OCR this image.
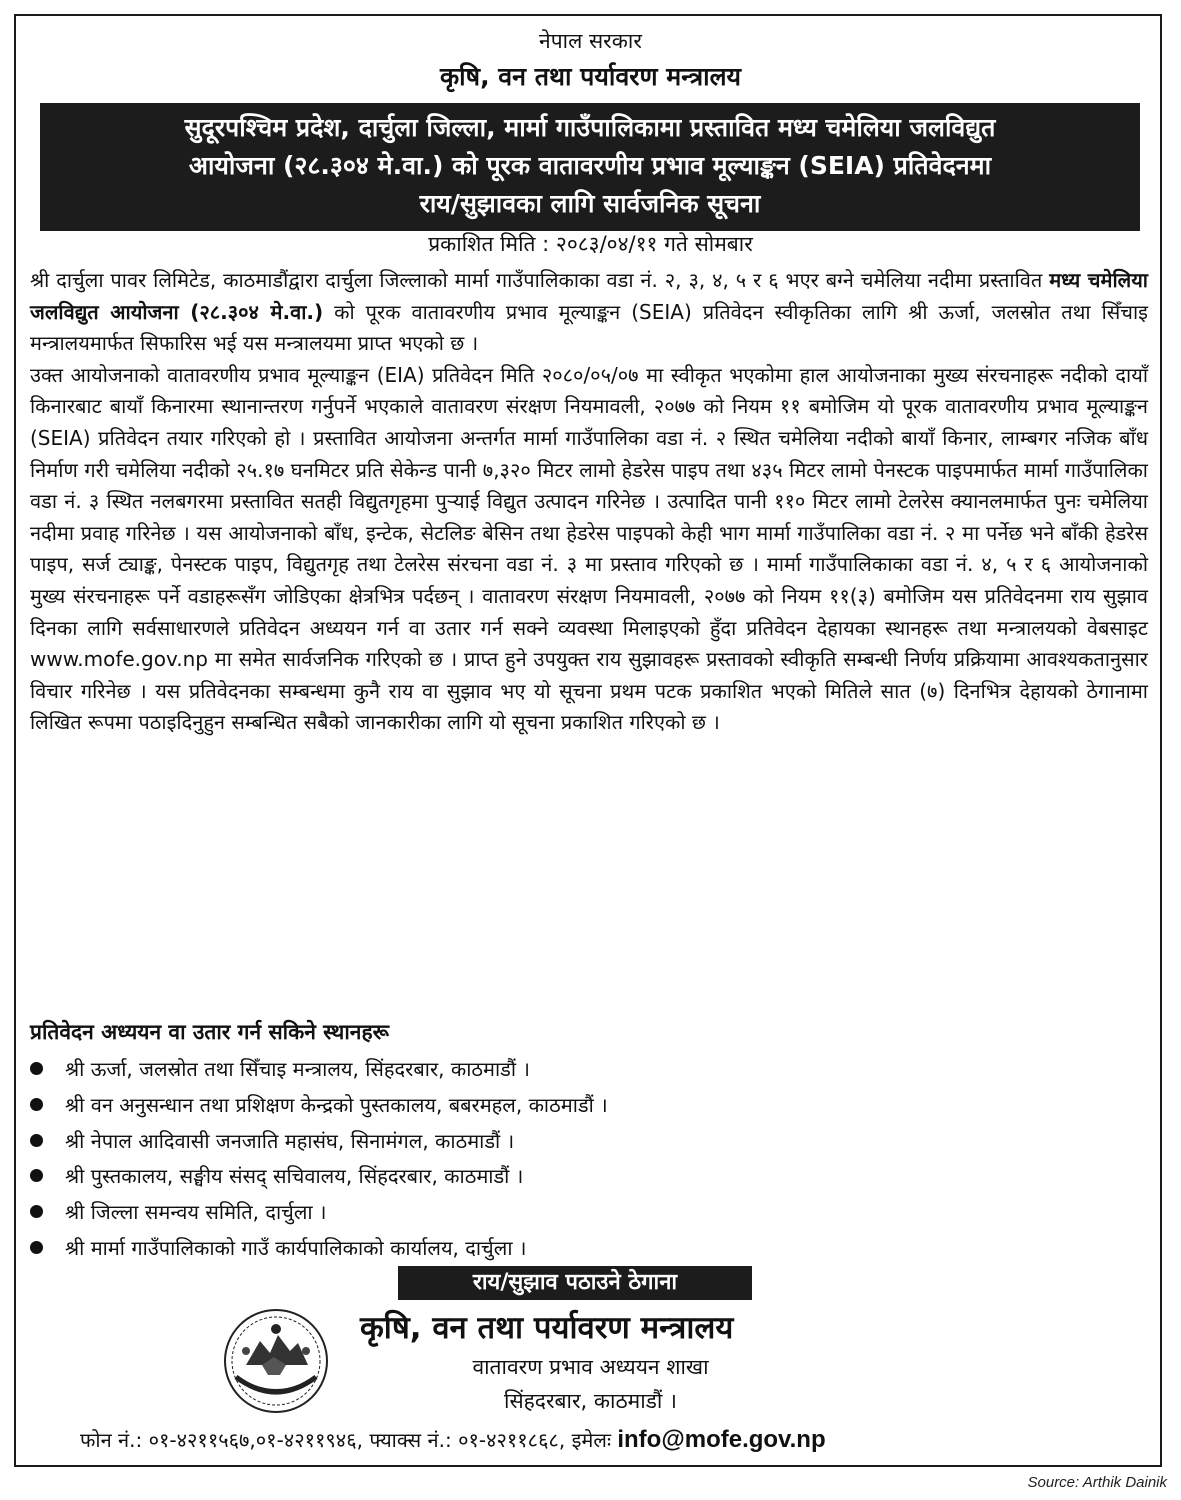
नेपाल सरकार
कृषि, वन तथा पर्यावरण मन्त्रालय
सुदूरपश्चिम प्रदेश, दार्चुला जिल्ला, मार्मा गाउँपालिकामा प्रस्तावित मध्य चमेलिया जलविद्युत
आयोजना (२८.३०४ मे.वा.) को पूरक वातावरणीय प्रभाव मूल्याङ्कन (SEIA) प्रतिवेदनमा
राय/सुझावका लागि सार्वजनिक सूचना
प्रकाशित मिति : २०८३/०४/११ गते सोमबार

श्री दार्चुला पावर लिमिटेड, काठमाडौंद्वारा दार्चुला जिल्लाको मार्मा गाउँपालिकाका वडा नं. २, ३, ४, ५ र ६ भएर बग्ने चमेलिया नदीमा प्रस्तावित मध्य चमेलिया जलविद्युत आयोजना (२८.३०४ मे.वा.) को पूरक वातावरणीय प्रभाव मूल्याङ्कन (SEIA) प्रतिवेदन स्वीकृतिका लागि श्री ऊर्जा, जलस्रोत तथा सिँचाइ मन्त्रालयमार्फत सिफारिस भई यस मन्त्रालयमा प्राप्त भएको छ ।

उक्त आयोजनाको वातावरणीय प्रभाव मूल्याङ्कन (EIA) प्रतिवेदन मिति २०८०/०५/०७ मा स्वीकृत भएकोमा हाल आयोजनाका मुख्य संरचनाहरू नदीको दायाँ किनारबाट बायाँ किनारमा स्थानान्तरण गर्नुपर्ने भएकाले वातावरण संरक्षण नियमावली, २०७७ को नियम ११ बमोजिम यो पूरक वातावरणीय प्रभाव मूल्याङ्कन (SEIA) प्रतिवेदन तयार गरिएको हो । प्रस्तावित आयोजना अन्तर्गत मार्मा गाउँपालिका वडा नं. २ स्थित चमेलिया नदीको बायाँ किनार, लाम्बगर नजिक बाँध निर्माण गरी चमेलिया नदीको २५.१७ घनमिटर प्रति सेकेन्ड पानी ७,३२० मिटर लामो हेडरेस पाइप तथा ४३५ मिटर लामो पेनस्टक पाइपमार्फत मार्मा गाउँपालिका वडा नं. ३ स्थित नलबगरमा प्रस्तावित सतही विद्युतगृहमा पुऱ्याई विद्युत उत्पादन गरिनेछ । उत्पादित पानी ११० मिटर लामो टेलरेस क्यानलमार्फत पुनः चमेलिया नदीमा प्रवाह गरिनेछ । यस आयोजनाको बाँध, इन्टेक, सेटलिङ बेसिन तथा हेडरेस पाइपको केही भाग मार्मा गाउँपालिका वडा नं. २ मा पर्नेछ भने बाँकी हेडरेस पाइप, सर्ज ट्याङ्क, पेनस्टक पाइप, विद्युतगृह तथा टेलरेस संरचना वडा नं. ३ मा प्रस्ताव गरिएको छ । मार्मा गाउँपालिकाका वडा नं. ४, ५ र ६ आयोजनाको मुख्य संरचनाहरू पर्ने वडाहरूसँग जोडिएका क्षेत्रभित्र पर्दछन् । वातावरण संरक्षण नियमावली, २०७७ को नियम ११(३) बमोजिम यस प्रतिवेदनमा राय सुझाव दिनका लागि सर्वसाधारणले प्रतिवेदन अध्ययन गर्न वा उतार गर्न सक्ने व्यवस्था मिलाइएको हुँदा प्रतिवेदन देहायका स्थानहरू तथा मन्त्रालयको वेबसाइट www.mofe.gov.np मा समेत सार्वजनिक गरिएको छ । प्राप्त हुने उपयुक्त राय सुझावहरू प्रस्तावको स्वीकृति सम्बन्धी निर्णय प्रक्रियामा आवश्यकतानुसार विचार गरिनेछ । यस प्रतिवेदनका सम्बन्धमा कुनै राय वा सुझाव भए यो सूचना प्रथम पटक प्रकाशित भएको मितिले सात (७) दिनभित्र देहायको ठेगानामा लिखित रूपमा पठाइदिनुहुन सम्बन्धित सबैको जानकारीका लागि यो सूचना प्रकाशित गरिएको छ ।

प्रतिवेदन अध्ययन वा उतार गर्न सकिने स्थानहरू
श्री ऊर्जा, जलस्रोत तथा सिँचाइ मन्त्रालय, सिंहदरबार, काठमाडौं ।
श्री वन अनुसन्धान तथा प्रशिक्षण केन्द्रको पुस्तकालय, बबरमहल, काठमाडौं ।
श्री नेपाल आदिवासी जनजाति महासंघ, सिनामंगल, काठमाडौं ।
श्री पुस्तकालय, सङ्घीय संसद् सचिवालय, सिंहदरबार, काठमाडौं ।
श्री जिल्ला समन्वय समिति, दार्चुला ।
श्री मार्मा गाउँपालिकाको गाउँ कार्यपालिकाको कार्यालय, दार्चुला ।
राय/सुझाव पठाउने ठेगाना
कृषि, वन तथा पर्यावरण मन्त्रालय
वातावरण प्रभाव अध्ययन शाखा
सिंहदरबार, काठमाडौं ।
फोन नं.: ०१-४२११५६७,०१-४२११९४६, फ्याक्स नं.: ०१-४२११८६८, इमेलः info@mofe.gov.np
Source: Arthik Dainik
